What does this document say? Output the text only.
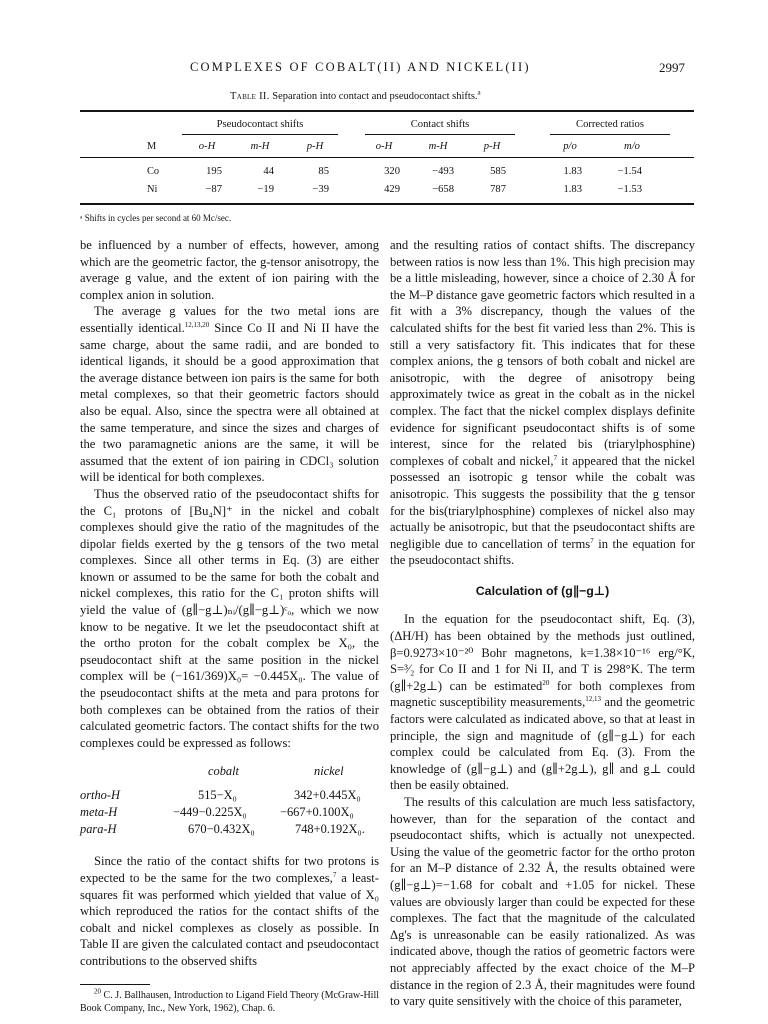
COMPLEXES OF COBALT(II) AND NICKEL(II)	2997
Table II. Separation into contact and pseudocontact shifts.$^a$
Pseudocontact shifts	Contact shifts	Corrected ratios
M	o-H	m-H	p-H	o-H	m-H	p-H	p/o	m/o
Co	195	44	85	320	−493	585	1.83	−1.54
Ni	−87	−19	−39	429	−658	787	1.83	−1.53
ᵃ Shifts in cycles per second at 60 Mc/sec.

be influenced by a number of effects, however, among which are the geometric factor, the g-tensor anisotropy, the average g value, and the extent of ion pairing with the complex anion in solution.

The average g values for the two metal ions are essentially identical.$^{12,13,20}$ Since Co II and Ni II have the same charge, about the same radii, and are bonded to identical ligands, it should be a good approximation that the average distance between ion pairs is the same for both metal complexes, so that their geometric factors should also be equal. Also, since the spectra were all obtained at the same temperature, and since the sizes and charges of the two paramagnetic anions are the same, it will be assumed that the extent of ion pairing in CDCl₃ solution will be identical for both complexes.

Thus the observed ratio of the pseudocontact shifts for the C₁ protons of [Bu₄N]⁺ in the nickel and cobalt complexes should give the ratio of the magnitudes of the dipolar fields exerted by the g tensors of the two metal complexes. Since all other terms in Eq. (3) are either known or assumed to be the same for both the cobalt and nickel complexes, this ratio for the C₁ proton shifts will yield the value of (g∥−g⊥)ₙᵢ/(g∥−g⊥)ᶜₒ, which we now know to be negative. It we let the pseudocontact shift at the ortho proton for the cobalt complex be X₀, the pseudocontact shift at the same position in the nickel complex will be (−161/369)X₀= −0.445X₀. The value of the pseudocontact shifts at the meta and para protons for both complexes can be obtained from the ratios of their calculated geometric factors. The contact shifts for the two complexes could be expressed as follows:

cobalt	nickel
ortho-H	515−X₀	342+0.445X₀
meta-H	−449−0.225X₀	−667+0.100X₀
para-H	670−0.432X₀	748+0.192X₀.

Since the ratio of the contact shifts for two protons is expected to be the same for the two complexes,$^7$ a least-squares fit was performed which yielded that value of X₀ which reproduced the ratios for the contact shifts of the cobalt and nickel complexes as closely as possible. In Table II are given the calculated contact and pseudocontact contributions to the observed shifts

$^{20}$ C. J. Ballhausen, Introduction to Ligand Field Theory (McGraw-Hill Book Company, Inc., New York, 1962), Chap. 6.

and the resulting ratios of contact shifts. The discrepancy between ratios is now less than 1%. This high precision may be a little misleading, however, since a choice of 2.30 Å for the M–P distance gave geometric factors which resulted in a fit with a 3% discrepancy, though the values of the calculated shifts for the best fit varied less than 2%. This is still a very satisfactory fit. This indicates that for these complex anions, the g tensors of both cobalt and nickel are anisotropic, with the degree of anisotropy being approximately twice as great in the cobalt as in the nickel complex. The fact that the nickel complex displays definite evidence for significant pseudocontact shifts is of some interest, since for the related bis (triarylphosphine) complexes of cobalt and nickel,$^7$ it appeared that the nickel possessed an isotropic g tensor while the cobalt was anisotropic. This suggests the possibility that the g tensor for the bis(triarylphosphine) complexes of nickel also may actually be anisotropic, but that the pseudocontact shifts are negligible due to cancellation of terms$^7$ in the equation for the pseudocontact shifts.

Calculation of (g∥−g⊥)

In the equation for the pseudocontact shift, Eq. (3), (ΔH/H) has been obtained by the methods just outlined, β=0.9273×10⁻²⁰ Bohr magnetons, k=1.38×10⁻¹⁶ erg/°K, S=³⁄₂ for Co II and 1 for Ni II, and T is 298°K. The term (g∥+2g⊥) can be estimated$^{20}$ for both complexes from magnetic susceptibility measurements,$^{12,13}$ and the geometric factors were calculated as indicated above, so that at least in principle, the sign and magnitude of (g∥−g⊥) for each complex could be calculated from Eq. (3). From the knowledge of (g∥−g⊥) and (g∥+2g⊥), g∥ and g⊥ could then be easily obtained.

The results of this calculation are much less satisfactory, however, than for the separation of the contact and pseudocontact shifts, which is actually not unexpected. Using the value of the geometric factor for the ortho proton for an M–P distance of 2.32 Å, the results obtained were (g∥−g⊥)=−1.68 for cobalt and +1.05 for nickel. These values are obviously larger than could be expected for these complexes. The fact that the magnitude of the calculated Δg's is unreasonable can be easily rationalized. As was indicated above, though the ratios of geometric factors were not appreciably affected by the exact choice of the M–P distance in the region of 2.3 Å, their magnitudes were found to vary quite sensitively with the choice of this parameter,
